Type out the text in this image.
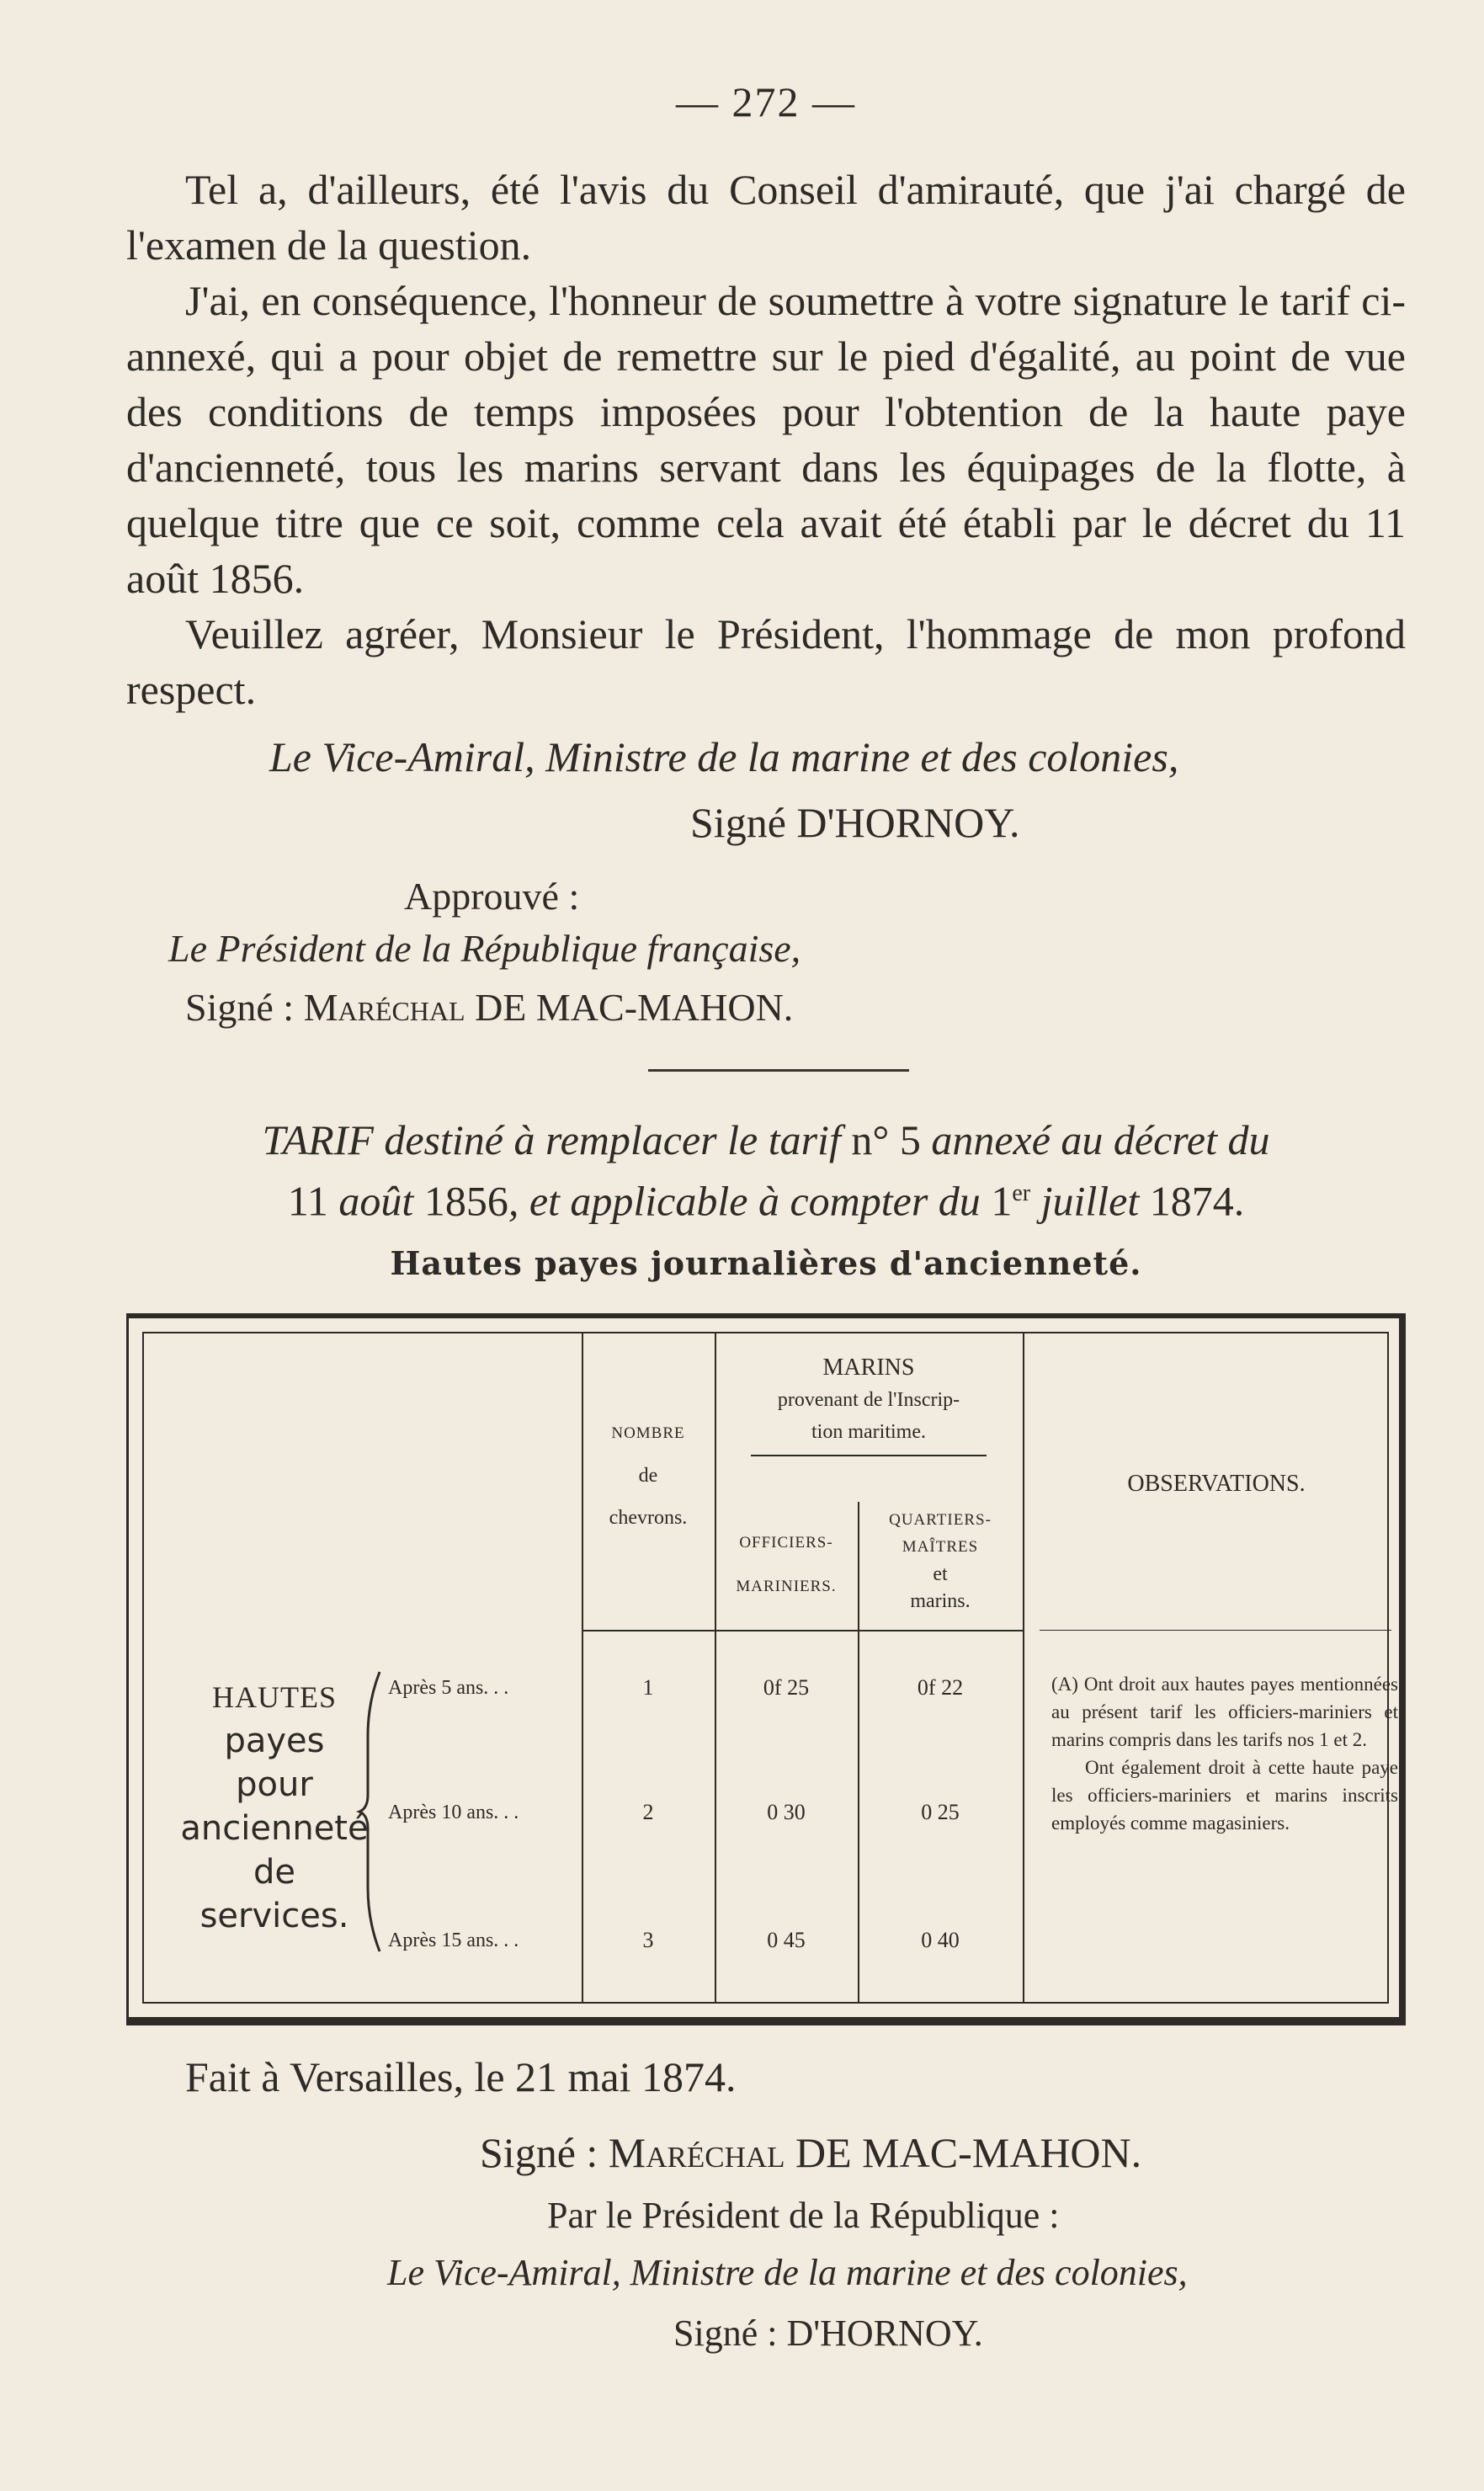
— 272 —

Tel a, d'ailleurs, été l'avis du Conseil d'amirauté, que j'ai chargé de l'examen de la question.

J'ai, en conséquence, l'honneur de soumettre à votre signature le tarif ci-annexé, qui a pour objet de remettre sur le pied d'égalité, au point de vue des conditions de temps imposées pour l'obtention de la haute paye d'ancienneté, tous les marins servant dans les équipages de la flotte, à quelque titre que ce soit, comme cela avait été établi par le décret du 11 août 1856.

Veuillez agréer, Monsieur le Président, l'hommage de mon profond respect.

Le Vice-Amiral, Ministre de la marine et des colonies,
Signé D'HORNOY.
Approuvé :
Le Président de la République française,
Signé : Maréchal DE MAC-MAHON.
TARIF destiné à remplacer le tarif n° 5 annexé au décret du
11 août 1856, et applicable à compter du 1er juillet 1874.
Hautes payes journalières d'ancienneté.
NOMBRE
de
chevrons.
MARINS
provenant de l'Inscrip-
tion maritime.
OFFICIERS-
MARINIERS.
QUARTIERS-
MAÎTRES
et
marins.
OBSERVATIONS.
HAUTES
payes
pour
ancienneté
de
services.
Après 5 ans. . .
Après 10 ans. . .
Après 15 ans. . .
1
2
3
0f 25
0 30
0 45
0f 22
0 25
0 40

(A) Ont droit aux hautes payes mentionnées au présent tarif les officiers-mariniers et marins compris dans les tarifs nos 1 et 2.

Ont également droit à cette haute paye les officiers-mariniers et marins inscrits employés comme magasiniers.

Fait à Versailles, le 21 mai 1874.
Signé : Maréchal DE MAC-MAHON.
Par le Président de la République :
Le Vice-Amiral, Ministre de la marine et des colonies,
Signé : D'HORNOY.
